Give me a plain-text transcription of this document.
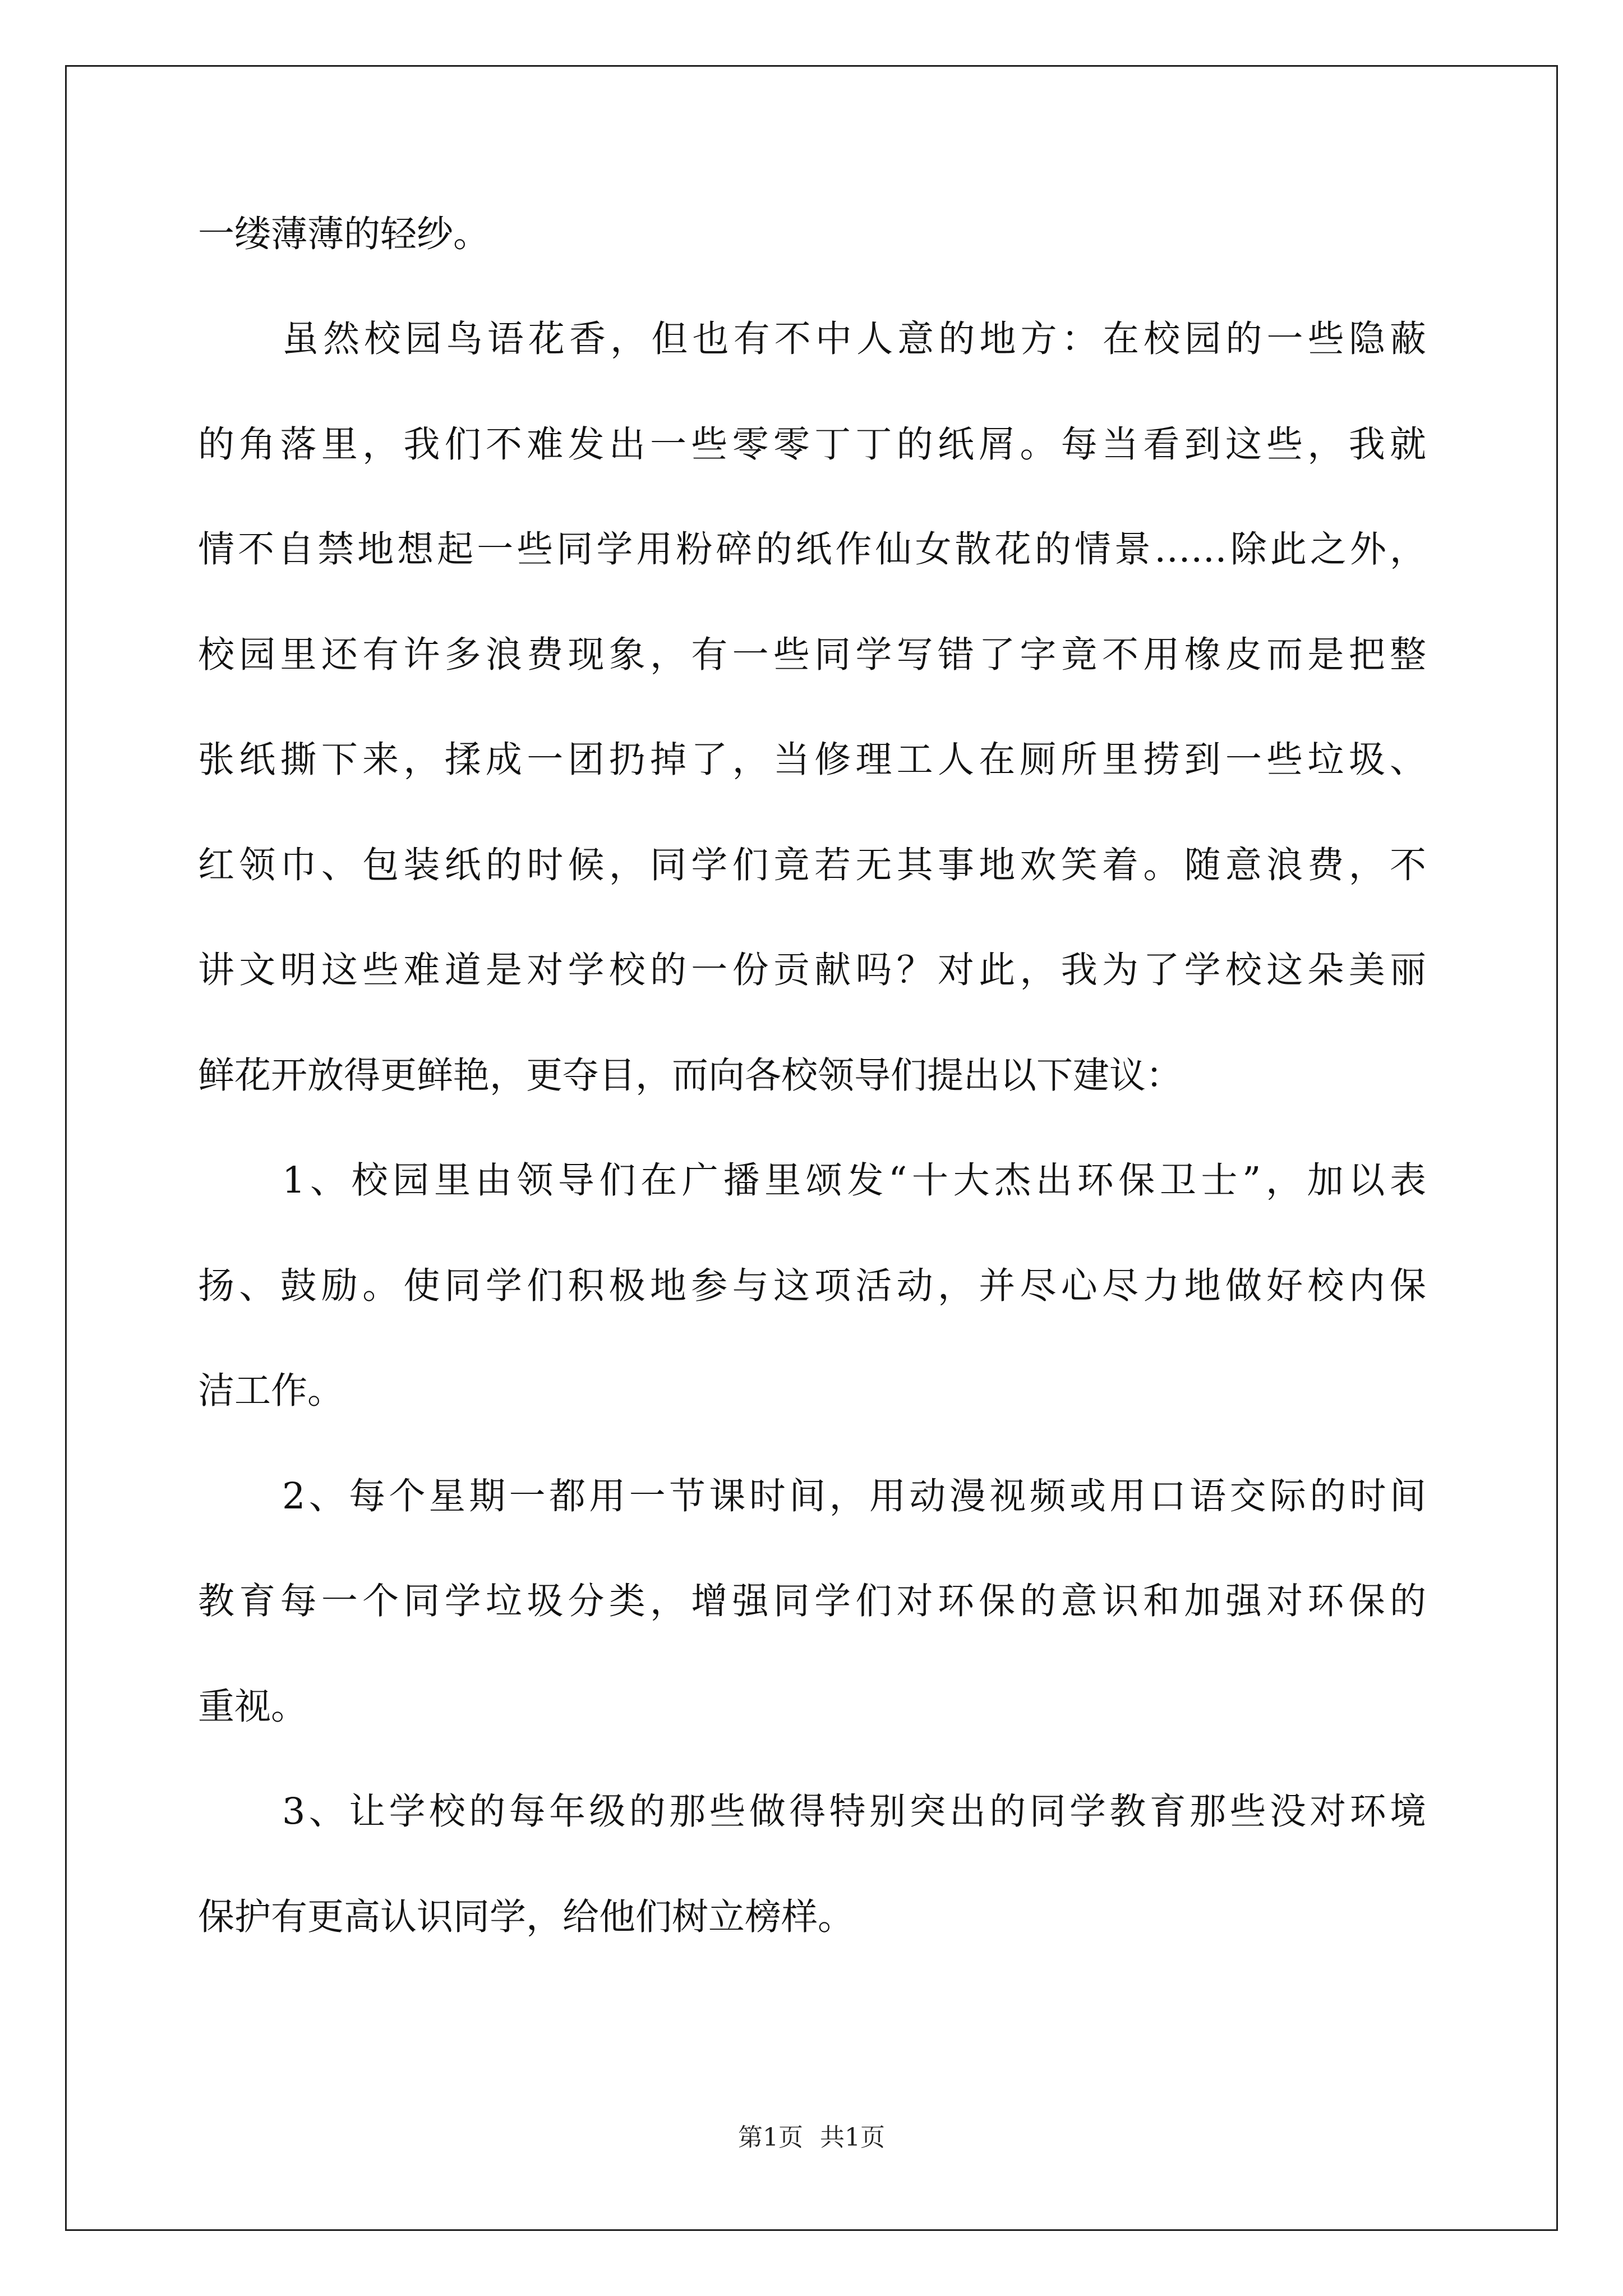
一缕薄薄的轻纱。
虽然校园鸟语花香，但也有不中人意的地方：在校园的一些隐蔽
的角落里，我们不难发出一些零零丁丁的纸屑。每当看到这些，我就
情不自禁地想起一些同学用粉碎的纸作仙女散花的情景……除此之外，
校园里还有许多浪费现象，有一些同学写错了字竟不用橡皮而是把整
张纸撕下来，揉成一团扔掉了，当修理工人在厕所里捞到一些垃圾、
红领巾、包装纸的时候，同学们竟若无其事地欢笑着。随意浪费，不
讲文明这些难道是对学校的一份贡献吗？对此，我为了学校这朵美丽
鲜花开放得更鲜艳，更夺目，而向各校领导们提出以下建议：
1、校园里由领导们在广播里颂发“十大杰出环保卫士”，加以表
扬、鼓励。使同学们积极地参与这项活动，并尽心尽力地做好校内保
洁工作。
2、每个星期一都用一节课时间，用动漫视频或用口语交际的时间
教育每一个同学垃圾分类，增强同学们对环保的意识和加强对环保的
重视。
3、让学校的每年级的那些做得特别突出的同学教育那些没对环境
保护有更高认识同学，给他们树立榜样。
第1页 共1页
